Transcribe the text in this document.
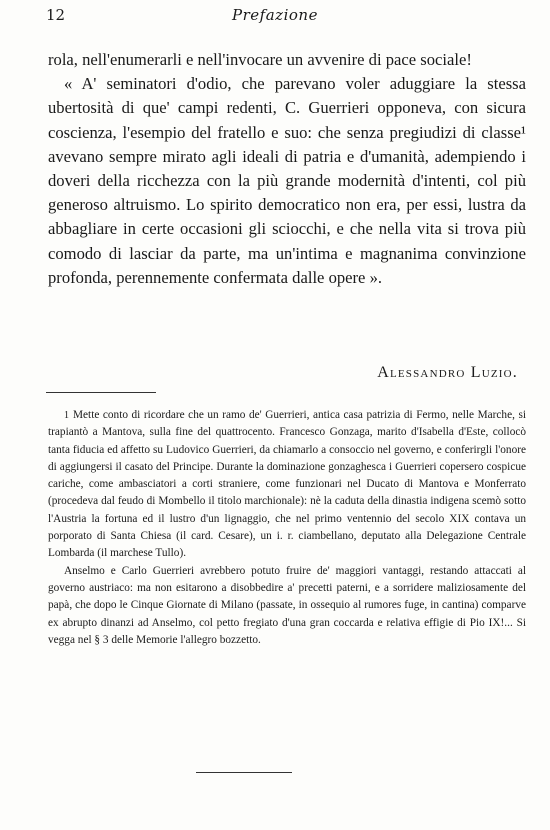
12	Prefazione

rola, nell'enumerarli e nell'invocare un avvenire di pace sociale!

« A' seminatori d'odio, che parevano voler aduggiare la stessa ubertosità di que' campi redenti, C. Guerrieri opponeva, con sicura coscienza, l'esempio del fratello e suo: che senza pregiudizi di classe¹ avevano sempre mirato agli ideali di patria e d'umanità, adempiendo i doveri della ricchezza con la più grande modernità d'intenti, col più generoso altruismo. Lo spirito democratico non era, per essi, lustra da abbagliare in certe occasioni gli sciocchi, e che nella vita si trova più comodo di lasciar da parte, ma un'intima e magnanima convinzione profonda, perennemente confermata dalle opere ».

Alessandro Luzio.

1 Mette conto di ricordare che un ramo de' Guerrieri, antica casa patrizia di Fermo, nelle Marche, si trapiantò a Mantova, sulla fine del quattrocento. Francesco Gonzaga, marito d'Isabella d'Este, collocò tanta fiducia ed affetto su Ludovico Guerrieri, da chiamarlo a consoccio nel governo, e conferirgli l'onore di aggiungersi il casato del Principe. Durante la dominazione gonzaghesca i Guerrieri copersero cospicue cariche, come ambasciatori a corti straniere, come funzionari nel Ducato di Mantova e Monferrato (procedeva dal feudo di Mombello il titolo marchionale): nè la caduta della dinastia indigena scemò sotto l'Austria la fortuna ed il lustro d'un lignaggio, che nel primo ventennio del secolo XIX contava un porporato di Santa Chiesa (il card. Cesare), un i. r. ciambellano, deputato alla Delegazione Centrale Lombarda (il marchese Tullo).

Anselmo e Carlo Guerrieri avrebbero potuto fruire de' maggiori vantaggi, restando attaccati al governo austriaco: ma non esitarono a disobbedire a' precetti paterni, e a sorridere maliziosamente del papà, che dopo le Cinque Giornate di Milano (passate, in ossequio al rumores fuge, in cantina) comparve ex abrupto dinanzi ad Anselmo, col petto fregiato d'una gran coccarda e relativa effigie di Pio IX!... Si vegga nel § 3 delle Memorie l'allegro bozzetto.
